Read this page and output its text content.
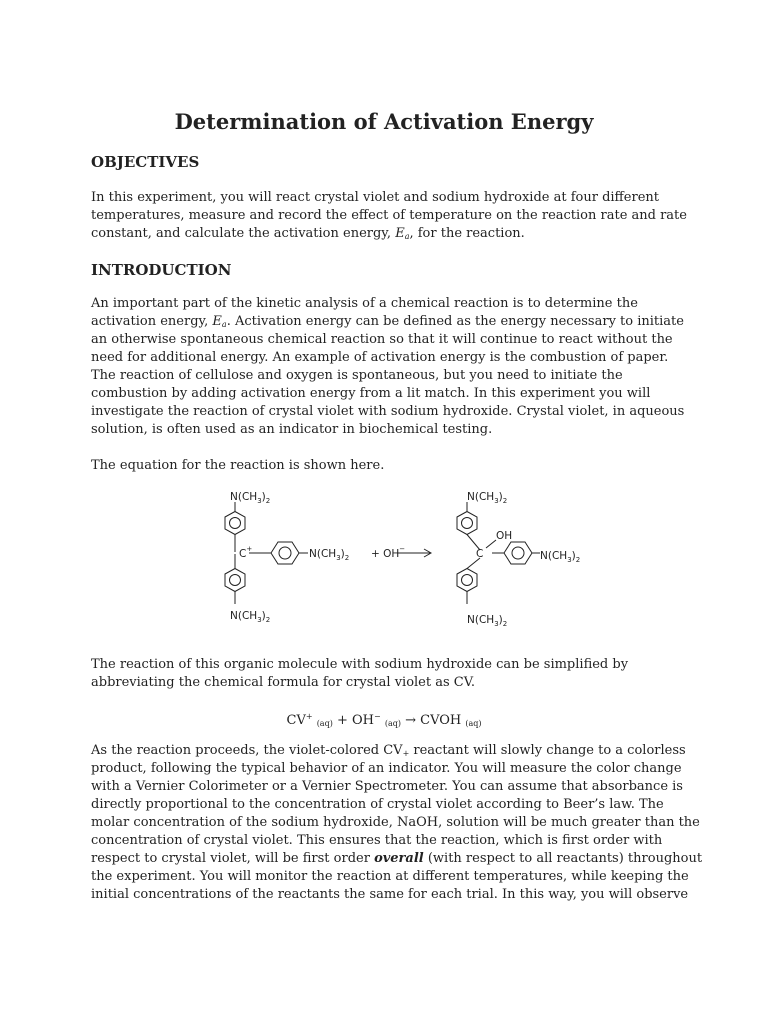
Determination of Activation Energy
OBJECTIVES
In this experiment, you will react crystal violet and sodium hydroxide at four different
temperatures, measure and record the effect of temperature on the reaction rate and rate
constant, and calculate the activation energy, $E_a$, for the reaction.
INTRODUCTION
An important part of the kinetic analysis of a chemical reaction is to determine the
activation energy, $E_a$. Activation energy can be defined as the energy necessary to initiate
an otherwise spontaneous chemical reaction so that it will continue to react without the
need for additional energy. An example of activation energy is the combustion of paper.
The reaction of cellulose and oxygen is spontaneous, but you need to initiate the
combustion by adding activation energy from a lit match. In this experiment you will
investigate the reaction of crystal violet with sodium hydroxide. Crystal violet, in aqueous
solution, is often used as an indicator in biochemical testing.
The equation for the reaction is shown here.
$N(CH_3)_2$
$N(CH_3)_2$
C+	$N(CH_3)_2 + OH^-$
$N(CH_3)_2$
OH
C	$N(CH_3)_2$
$N(CH_3)_2$
The reaction of this organic molecule with sodium hydroxide can be simplified by
abbreviating the chemical formula for crystal violet as CV.
CV+ $_{(aq)}$ + OH− $_{(aq)}$ → CVOH $_{(aq)}$
As the reaction proceeds, the violet-colored $CV_+$ reactant will slowly change to a colorless
product, following the typical behavior of an indicator. You will measure the color change
with a Vernier Colorimeter or a Vernier Spectrometer. You can assume that absorbance is
directly proportional to the concentration of crystal violet according to Beer’s law. The
molar concentration of the sodium hydroxide, NaOH, solution will be much greater than the
concentration of crystal violet. This ensures that the reaction, which is first order with
respect to crystal violet, will be first order overall (with respect to all reactants) throughout
the experiment. You will monitor the reaction at different temperatures, while keeping the
initial concentrations of the reactants the same for each trial. In this way, you will observe
